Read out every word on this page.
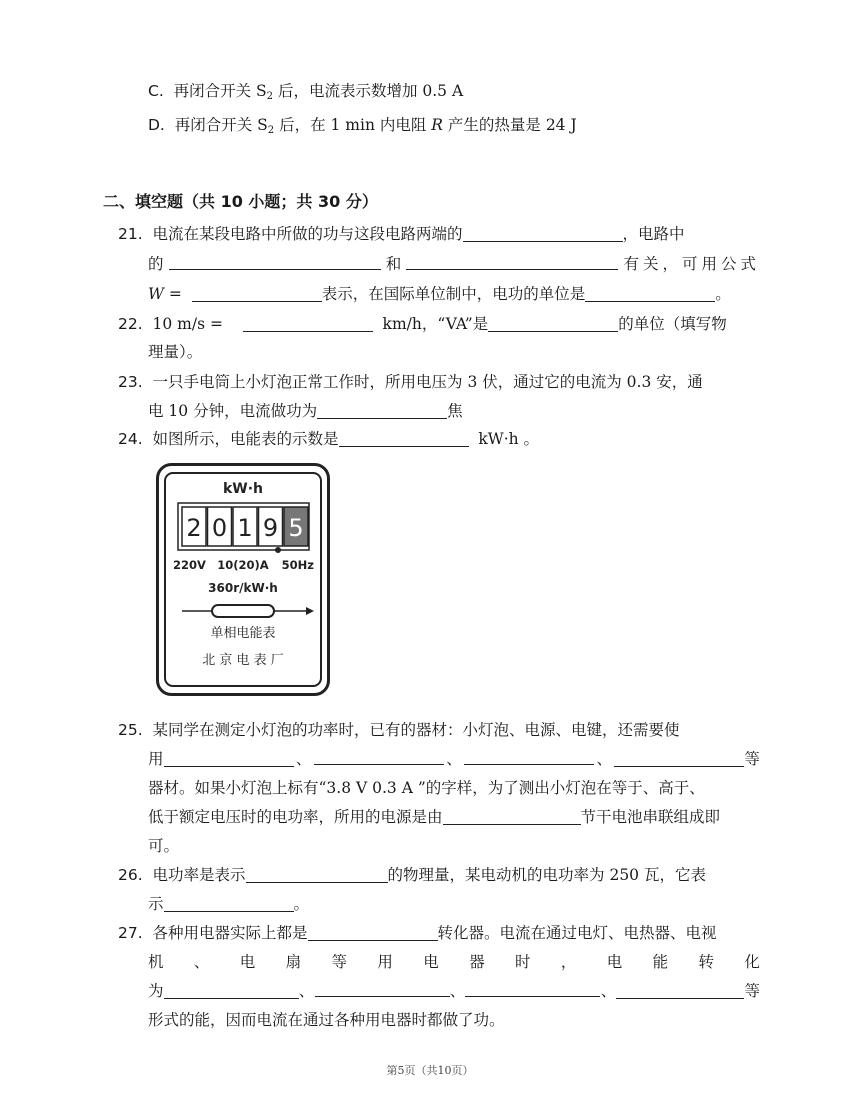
C. 再闭合开关 $S_2$ 后，电流表示数增加 0.5 A
D. 再闭合开关 $S_2$ 后，在 1 min 内电阻 R 产生的热量是 24 J
二、填空题（共 10 小题；共 30 分）
21. 电流在某段电路中所做的功与这段电路两端的	，电路中
的	和	有关，可用公式
W =	表示，在国际单位制中，电功的单位是	。
22. 10 m/s =	km/h，“VA”是	的单位（填写物
理量）。
23. 一只手电筒上小灯泡正常工作时，所用电压为 3 伏，通过它的电流为 0.3 安，通
电 10 分钟，电流做功为	焦
24. 如图所示，电能表的示数是	kW·h 。
kW·h
2 0 1 9 5
220V 10(20)A 50Hz
360r/kW·h
单相电能表
北 京 电 表 厂
25. 某同学在测定小灯泡的功率时，已有的器材：小灯泡、电源、电键，还需要使
用	、	、	、	等
器材。如果小灯泡上标有“3.8 V 0.3 A ”的字样，为了测出小灯泡在等于、高于、
低于额定电压时的电功率，所用的电源是由	节干电池串联组成即
可。
26. 电功率是表示	的物理量，某电动机的电功率为 250 瓦，它表
示	。
27. 各种用电器实际上都是	转化器。电流在通过电灯、电热器、电视
机 、 电 扇 等 用 电 器 时 ， 电 能 转 化
为	、	、	、	等
形式的能，因而电流在通过各种用电器时都做了功。
第5页（共10页）
